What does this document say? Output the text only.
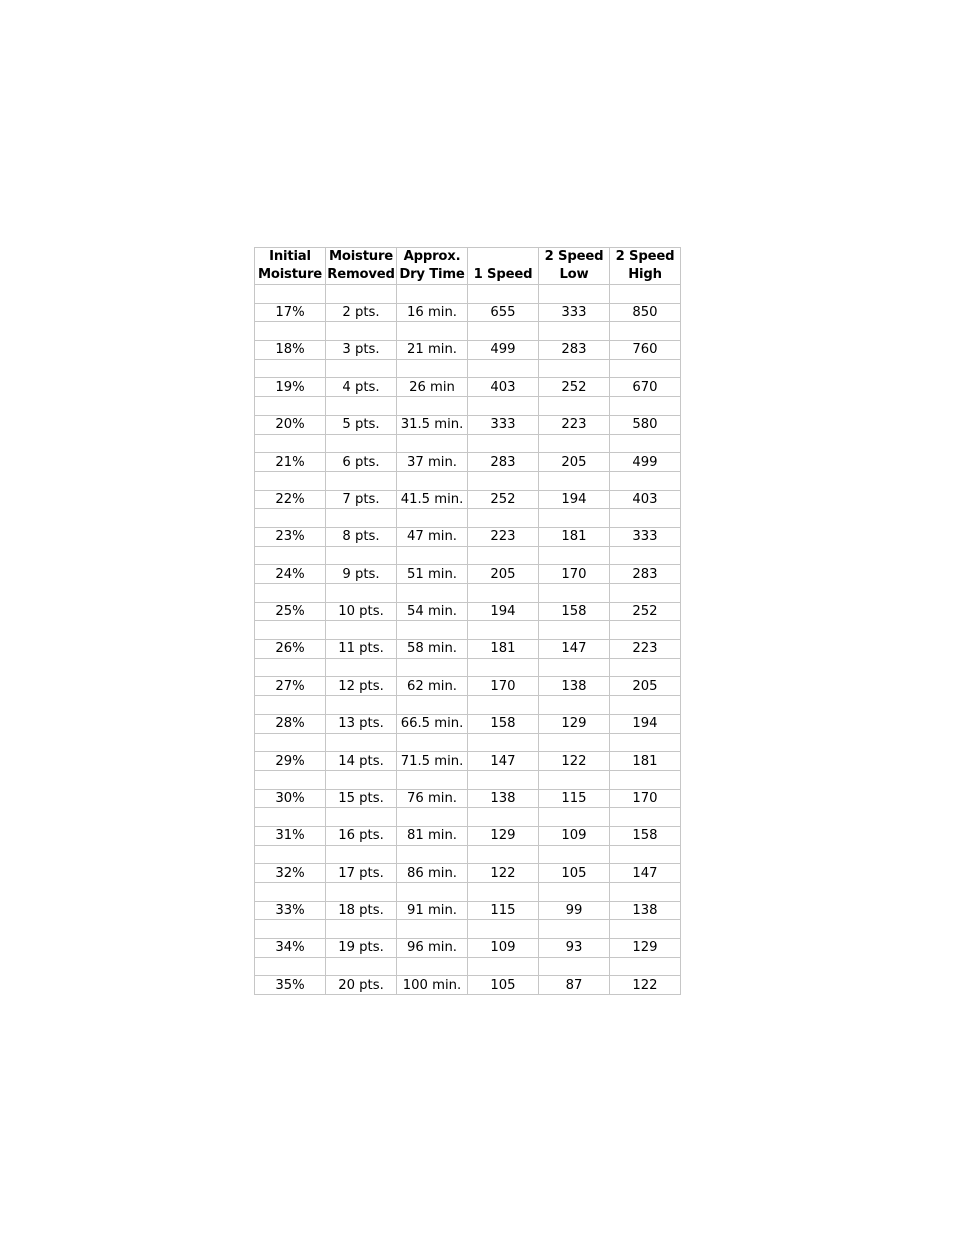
Initial	Moisture	Approx.		2 Speed	2 Speed
Moisture	Removed	Dry Time	1 Speed	Low	High

17%	2 pts.	16 min.	655	333	850

18%	3 pts.	21 min.	499	283	760

19%	4 pts.	26 min	403	252	670

20%	5 pts.	31.5 min.	333	223	580

21%	6 pts.	37 min.	283	205	499

22%	7 pts.	41.5 min.	252	194	403

23%	8 pts.	47 min.	223	181	333

24%	9 pts.	51 min.	205	170	283

25%	10 pts.	54 min.	194	158	252

26%	11 pts.	58 min.	181	147	223

27%	12 pts.	62 min.	170	138	205

28%	13 pts.	66.5 min.	158	129	194

29%	14 pts.	71.5 min.	147	122	181

30%	15 pts.	76 min.	138	115	170

31%	16 pts.	81 min.	129	109	158

32%	17 pts.	86 min.	122	105	147

33%	18 pts.	91 min.	115	99	138

34%	19 pts.	96 min.	109	93	129

35%	20 pts.	100 min.	105	87	122
